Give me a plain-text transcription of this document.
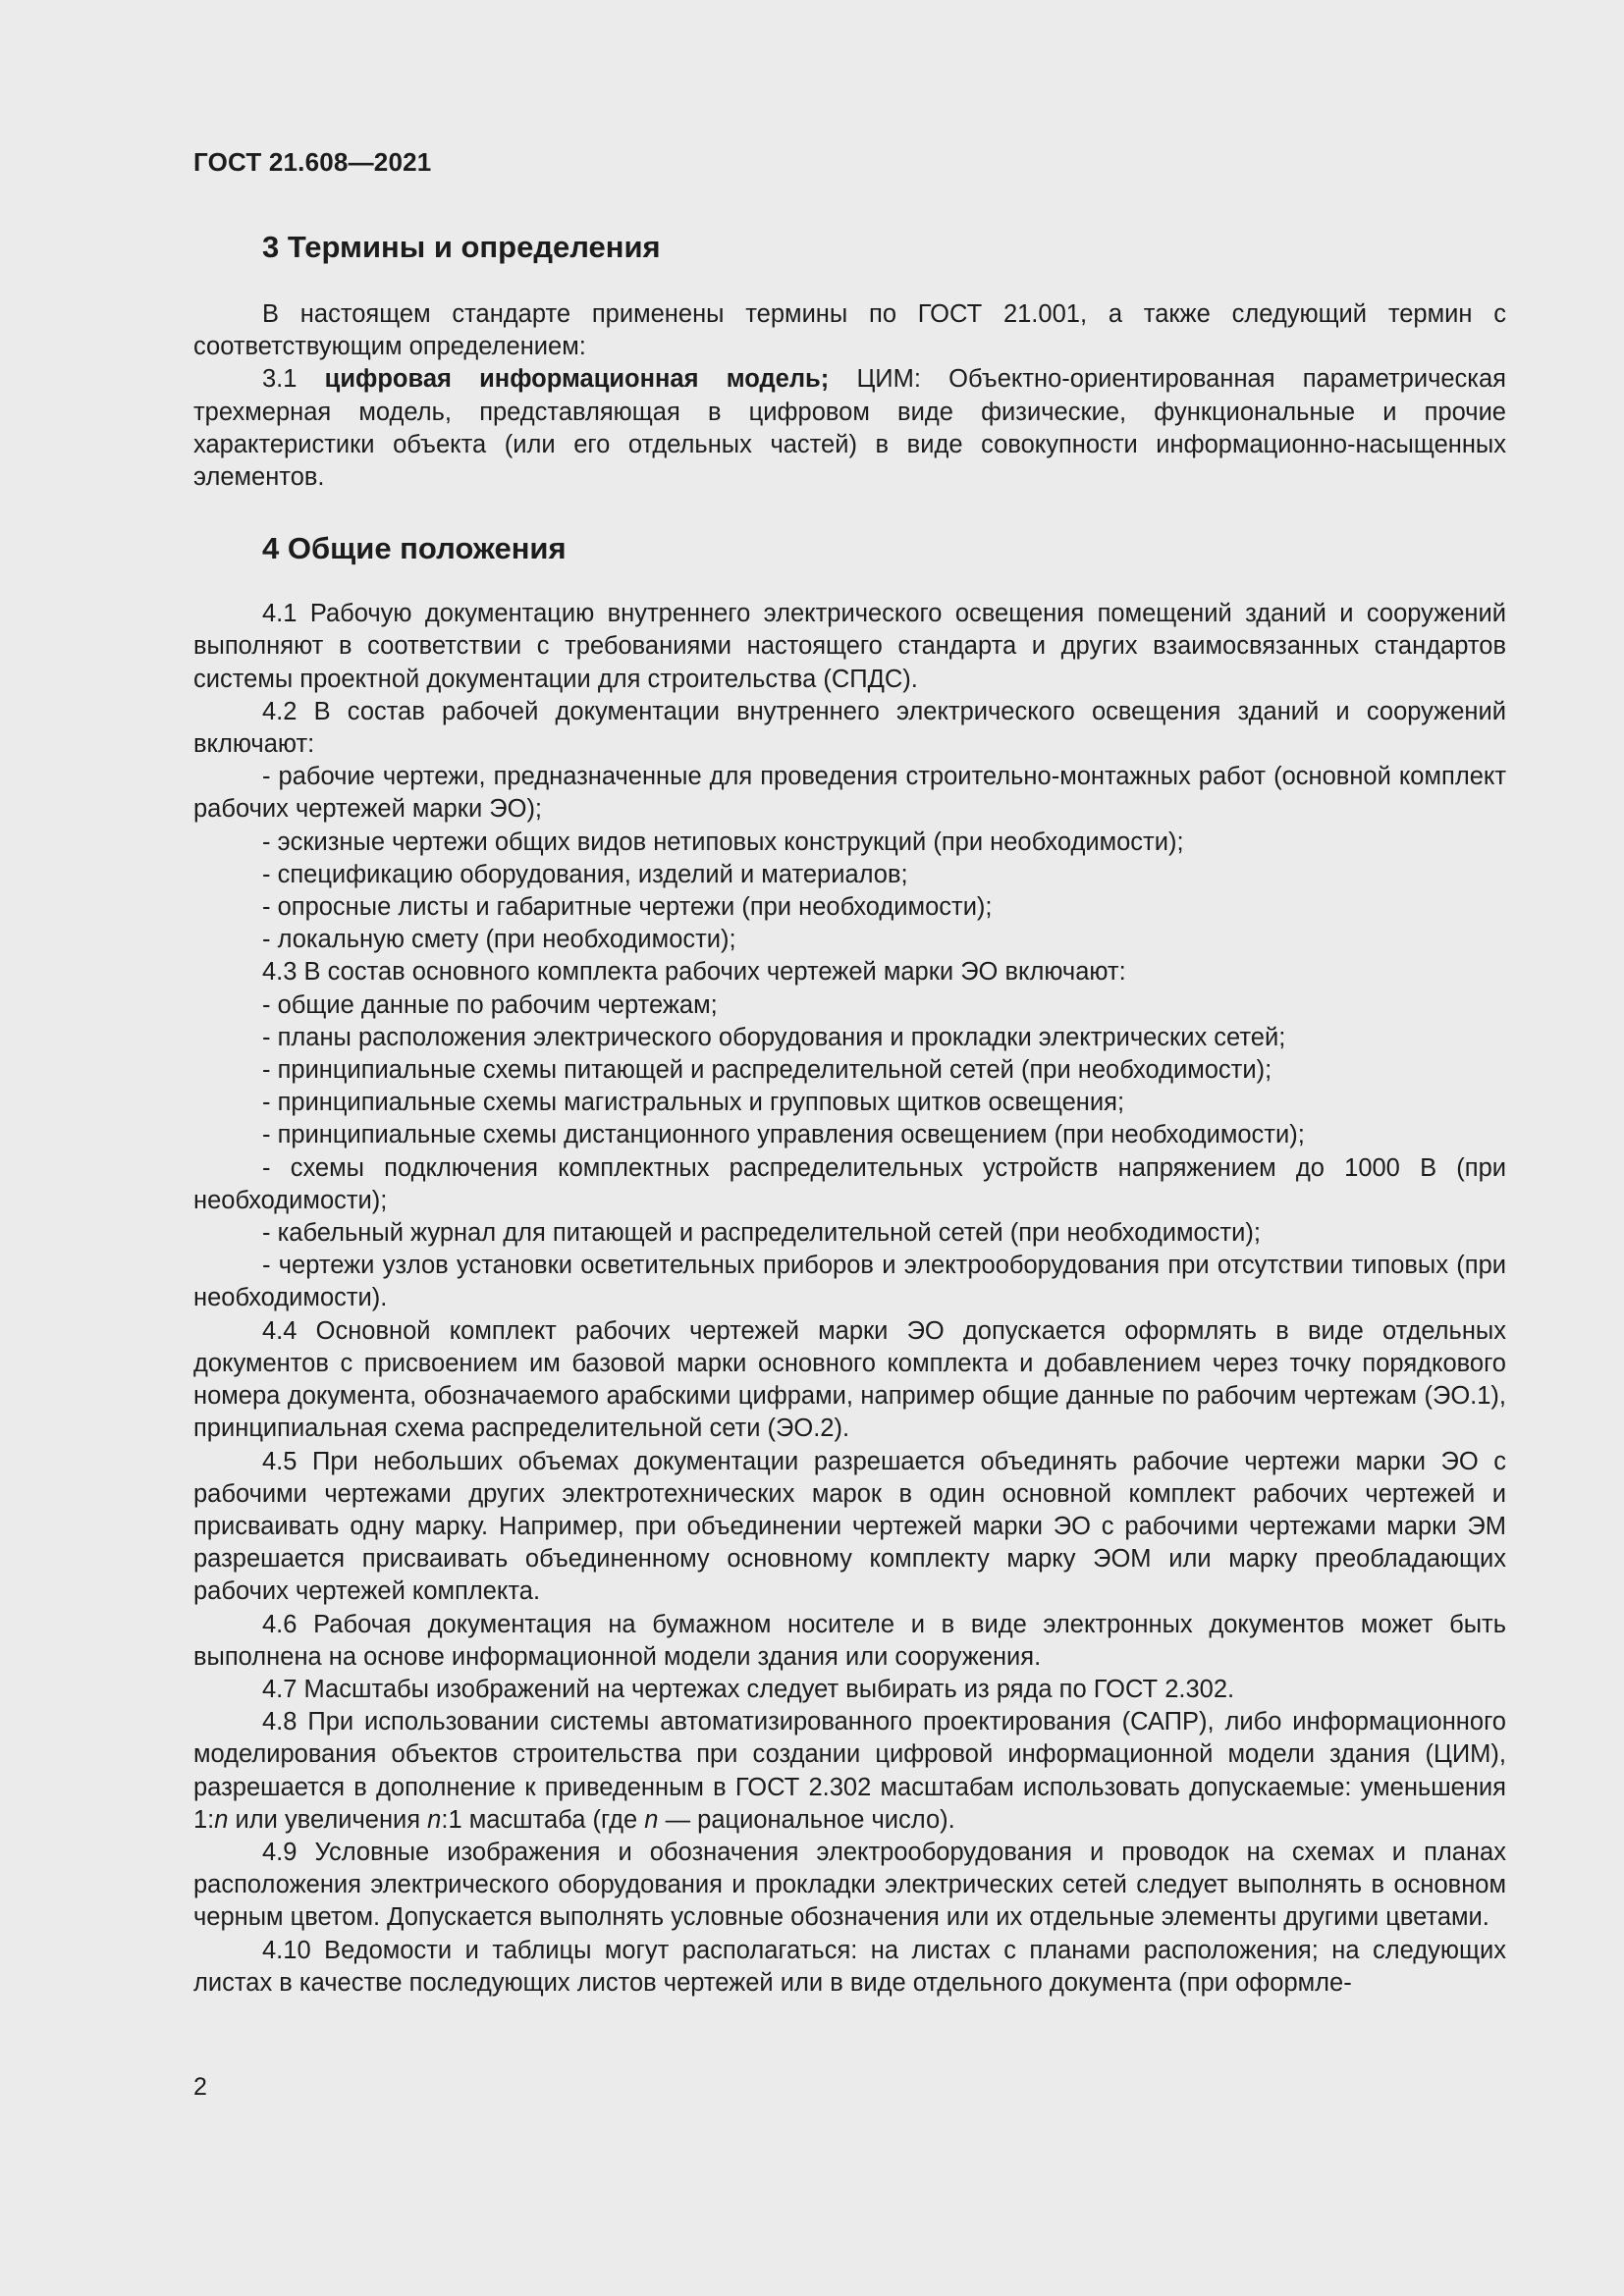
ГОСТ 21.608—2021
3 Термины и определения

В настоящем стандарте применены термины по ГОСТ 21.001, а также следующий термин с соответствующим определением:

3.1 цифровая информационная модель; ЦИМ: Объектно-ориентированная параметрическая трехмерная модель, представляющая в цифровом виде физические, функциональные и прочие характеристики объекта (или его отдельных частей) в виде совокупности информационно-насыщенных элементов.

4 Общие положения

4.1 Рабочую документацию внутреннего электрического освещения помещений зданий и сооружений выполняют в соответствии с требованиями настоящего стандарта и других взаимосвязанных стандартов системы проектной документации для строительства (СПДС).

4.2 В состав рабочей документации внутреннего электрического освещения зданий и сооружений включают:

- рабочие чертежи, предназначенные для проведения строительно-монтажных работ (основной комплект рабочих чертежей марки ЭО);

- эскизные чертежи общих видов нетиповых конструкций (при необходимости);

- спецификацию оборудования, изделий и материалов;

- опросные листы и габаритные чертежи (при необходимости);

- локальную смету (при необходимости);

4.3 В состав основного комплекта рабочих чертежей марки ЭО включают:

- общие данные по рабочим чертежам;

- планы расположения электрического оборудования и прокладки электрических сетей;

- принципиальные схемы питающей и распределительной сетей (при необходимости);

- принципиальные схемы магистральных и групповых щитков освещения;

- принципиальные схемы дистанционного управления освещением (при необходимости);

- схемы подключения комплектных распределительных устройств напряжением до 1000 В (при необходимости);

- кабельный журнал для питающей и распределительной сетей (при необходимости);

- чертежи узлов установки осветительных приборов и электрооборудования при отсутствии типовых (при необходимости).

4.4 Основной комплект рабочих чертежей марки ЭО допускается оформлять в виде отдельных документов с присвоением им базовой марки основного комплекта и добавлением через точку порядкового номера документа, обозначаемого арабскими цифрами, например общие данные по рабочим чертежам (ЭО.1), принципиальная схема распределительной сети (ЭО.2).

4.5 При небольших объемах документации разрешается объединять рабочие чертежи марки ЭО с рабочими чертежами других электротехнических марок в один основной комплект рабочих чертежей и присваивать одну марку. Например, при объединении чертежей марки ЭО с рабочими чертежами марки ЭМ разрешается присваивать объединенному основному комплекту марку ЭОМ или марку преобладающих рабочих чертежей комплекта.

4.6 Рабочая документация на бумажном носителе и в виде электронных документов может быть выполнена на основе информационной модели здания или сооружения.

4.7 Масштабы изображений на чертежах следует выбирать из ряда по ГОСТ 2.302.

4.8 При использовании системы автоматизированного проектирования (САПР), либо информационного моделирования объектов строительства при создании цифровой информационной модели здания (ЦИМ), разрешается в дополнение к приведенным в ГОСТ 2.302 масштабам использовать допускаемые: уменьшения 1:n или увеличения n:1 масштаба (где n — рациональное число).

4.9 Условные изображения и обозначения электрооборудования и проводок на схемах и планах расположения электрического оборудования и прокладки электрических сетей следует выполнять в основном черным цветом. Допускается выполнять условные обозначения или их отдельные элементы другими цветами.

4.10 Ведомости и таблицы могут располагаться: на листах с планами расположения; на следующих листах в качестве последующих листов чертежей или в виде отдельного документа (при оформле-

2
